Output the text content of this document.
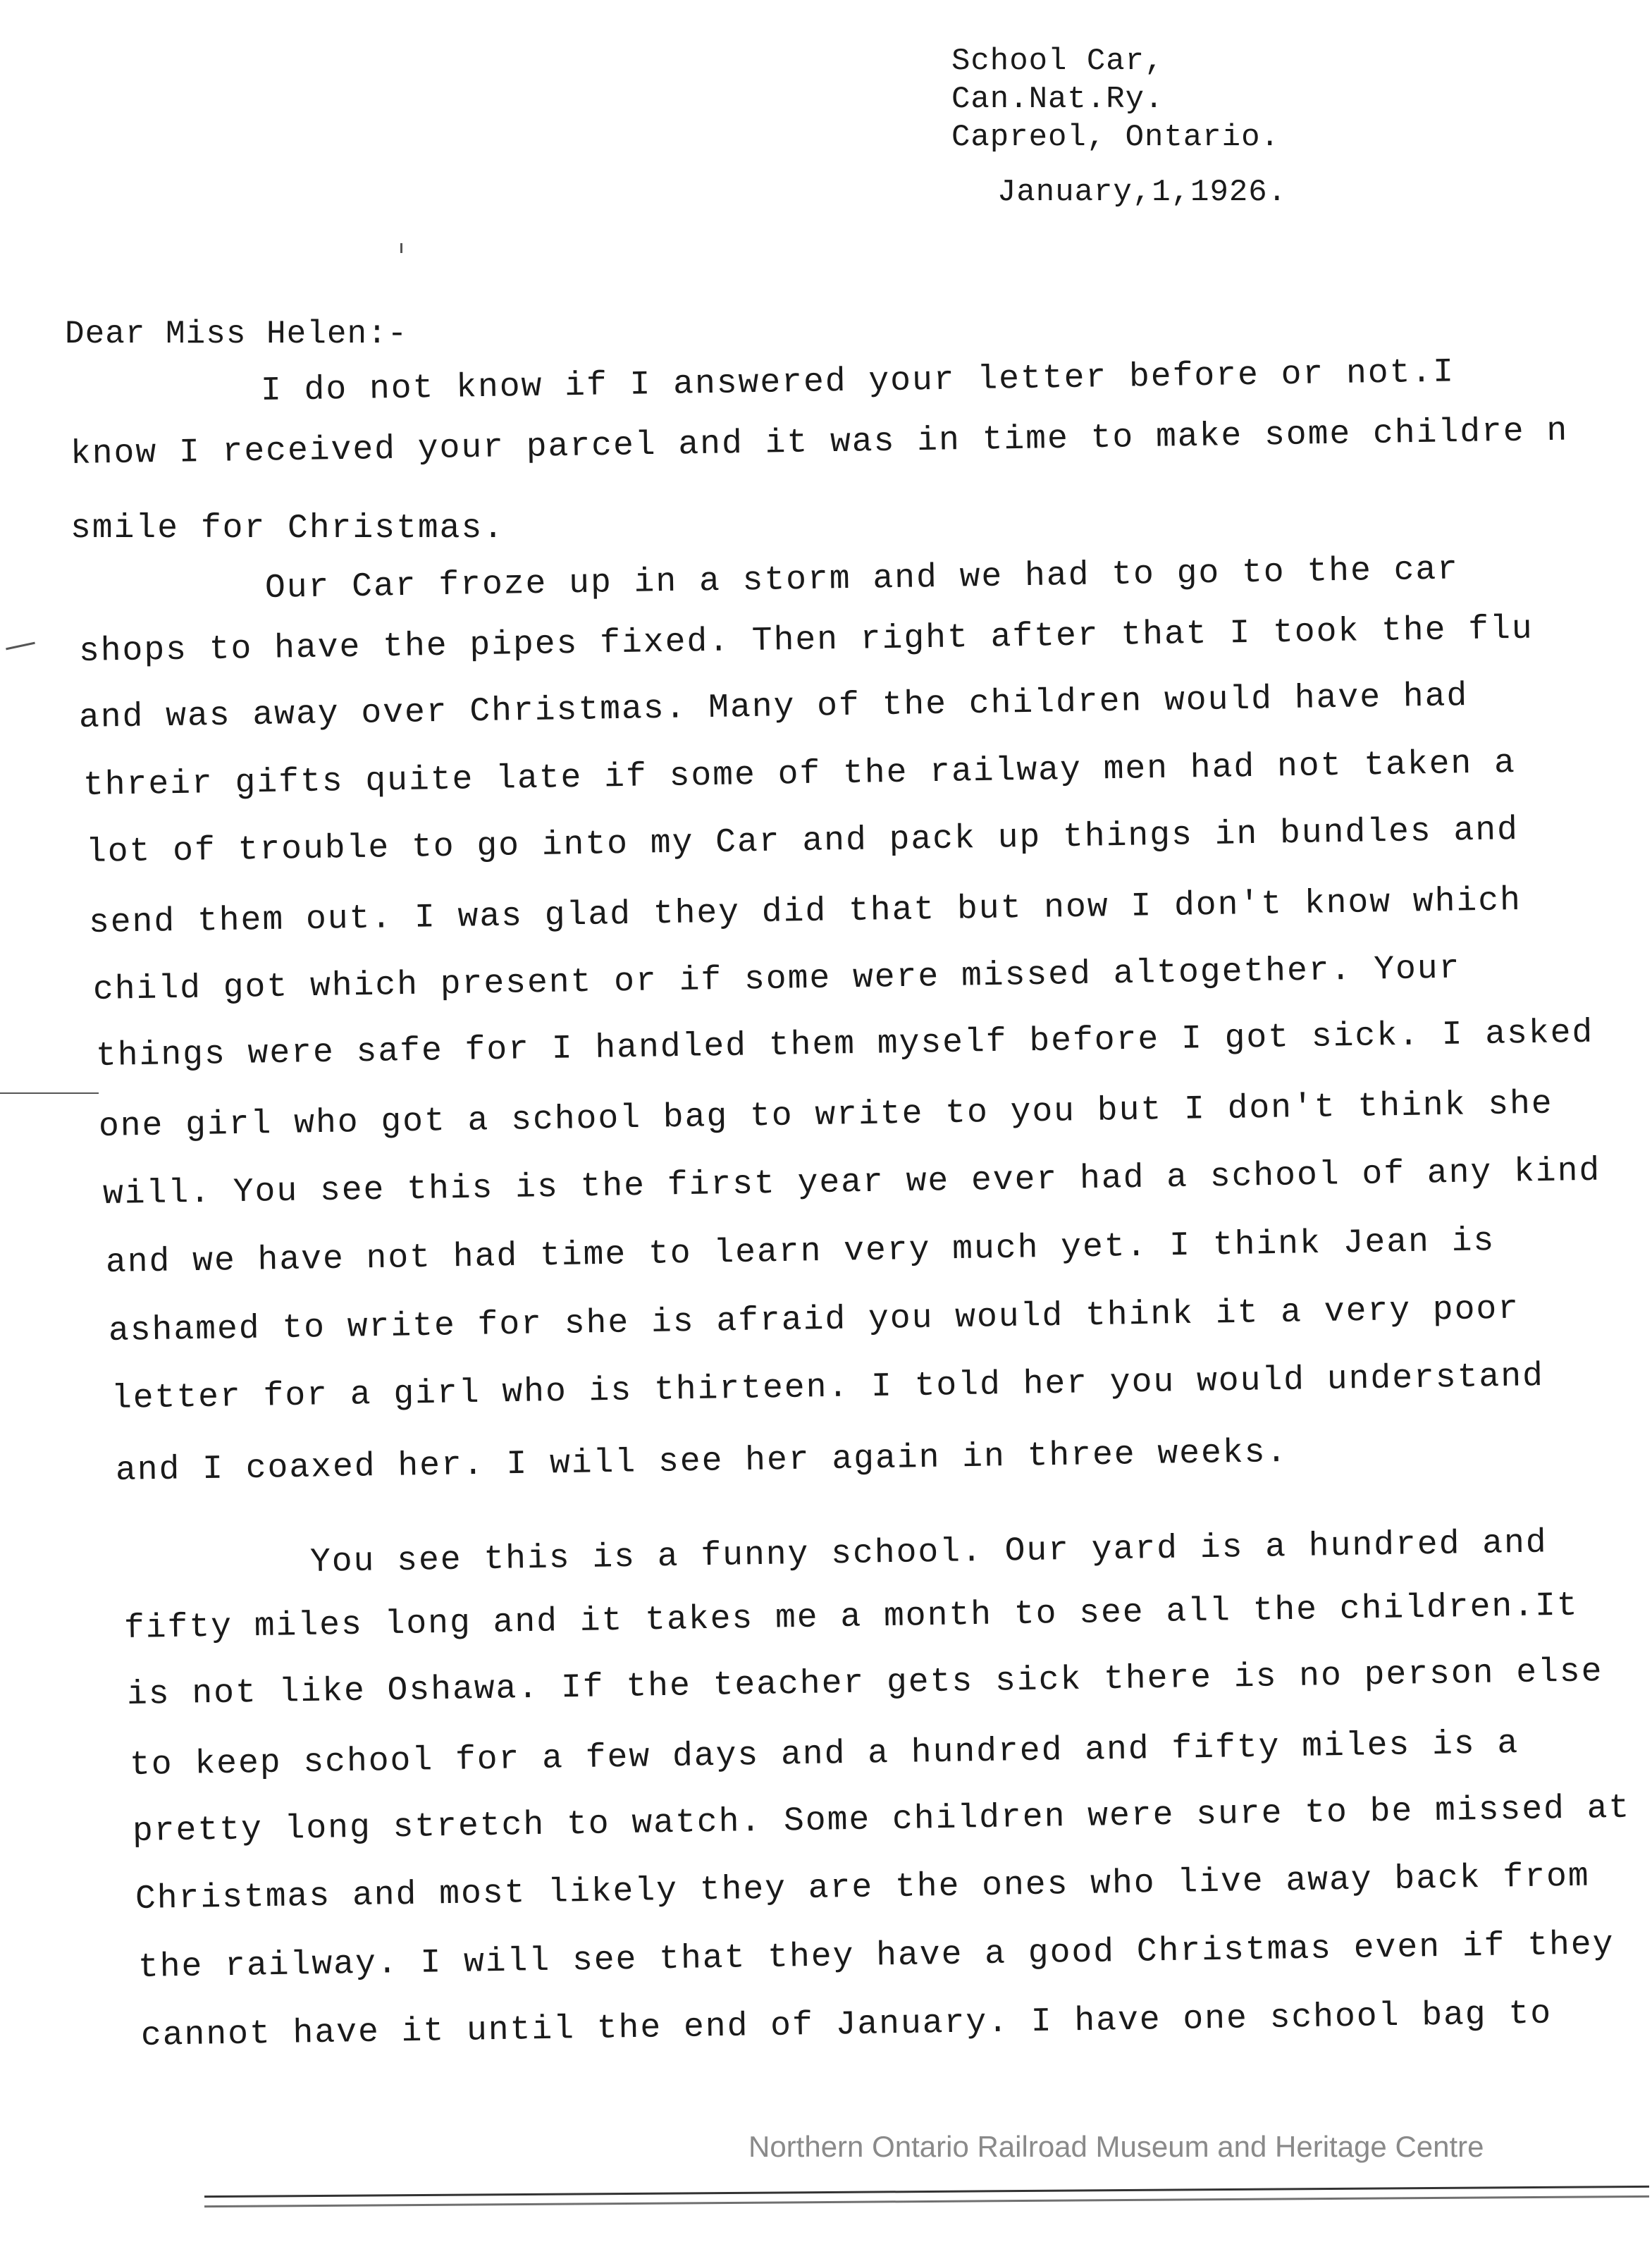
School Car,
Can.Nat.Ry.
Capreol, Ontario.
January,1,1926.
Dear Miss Helen:-
I do not know if I answered your letter before or not.I
know I received your parcel and it was in time to make some childre n
smile for Christmas.
Our Car froze up in a storm and we had to go to the car
shops to have the pipes fixed. Then right after that I took the flu
and was away over Christmas. Many of the children would have had
threir gifts quite late if some of the railway men had not taken a
lot of trouble to go into my Car and pack up things in bundles and
send them out. I was glad they did that but now I don't know which
child got which present or if some were missed altogether. Your
things were safe for I handled them myself before I got sick. I asked
one girl who got a school bag to write to you but I don't think she
will. You see this is the first year we ever had a school of any kind
and we have not had time to learn very much yet. I think Jean is
ashamed to write for she is afraid you would think it a very poor
letter for a girl who is thirteen. I told her you would understand
and I coaxed her. I will see her again in three weeks.
You see this is a funny school. Our yard is a hundred and
fifty miles long and it takes me a month to see all the children.It
is not like Oshawa. If the teacher gets sick there is no person else
to keep school for a few days and a hundred and fifty miles is a
pretty long stretch to watch. Some children were sure to be missed at
Christmas and most likely they are the ones who live away back from
the railway. I will see that they have a good Christmas even if they
cannot have it until the end of January. I have one school bag to
Northern Ontario Railroad Museum and Heritage Centre
